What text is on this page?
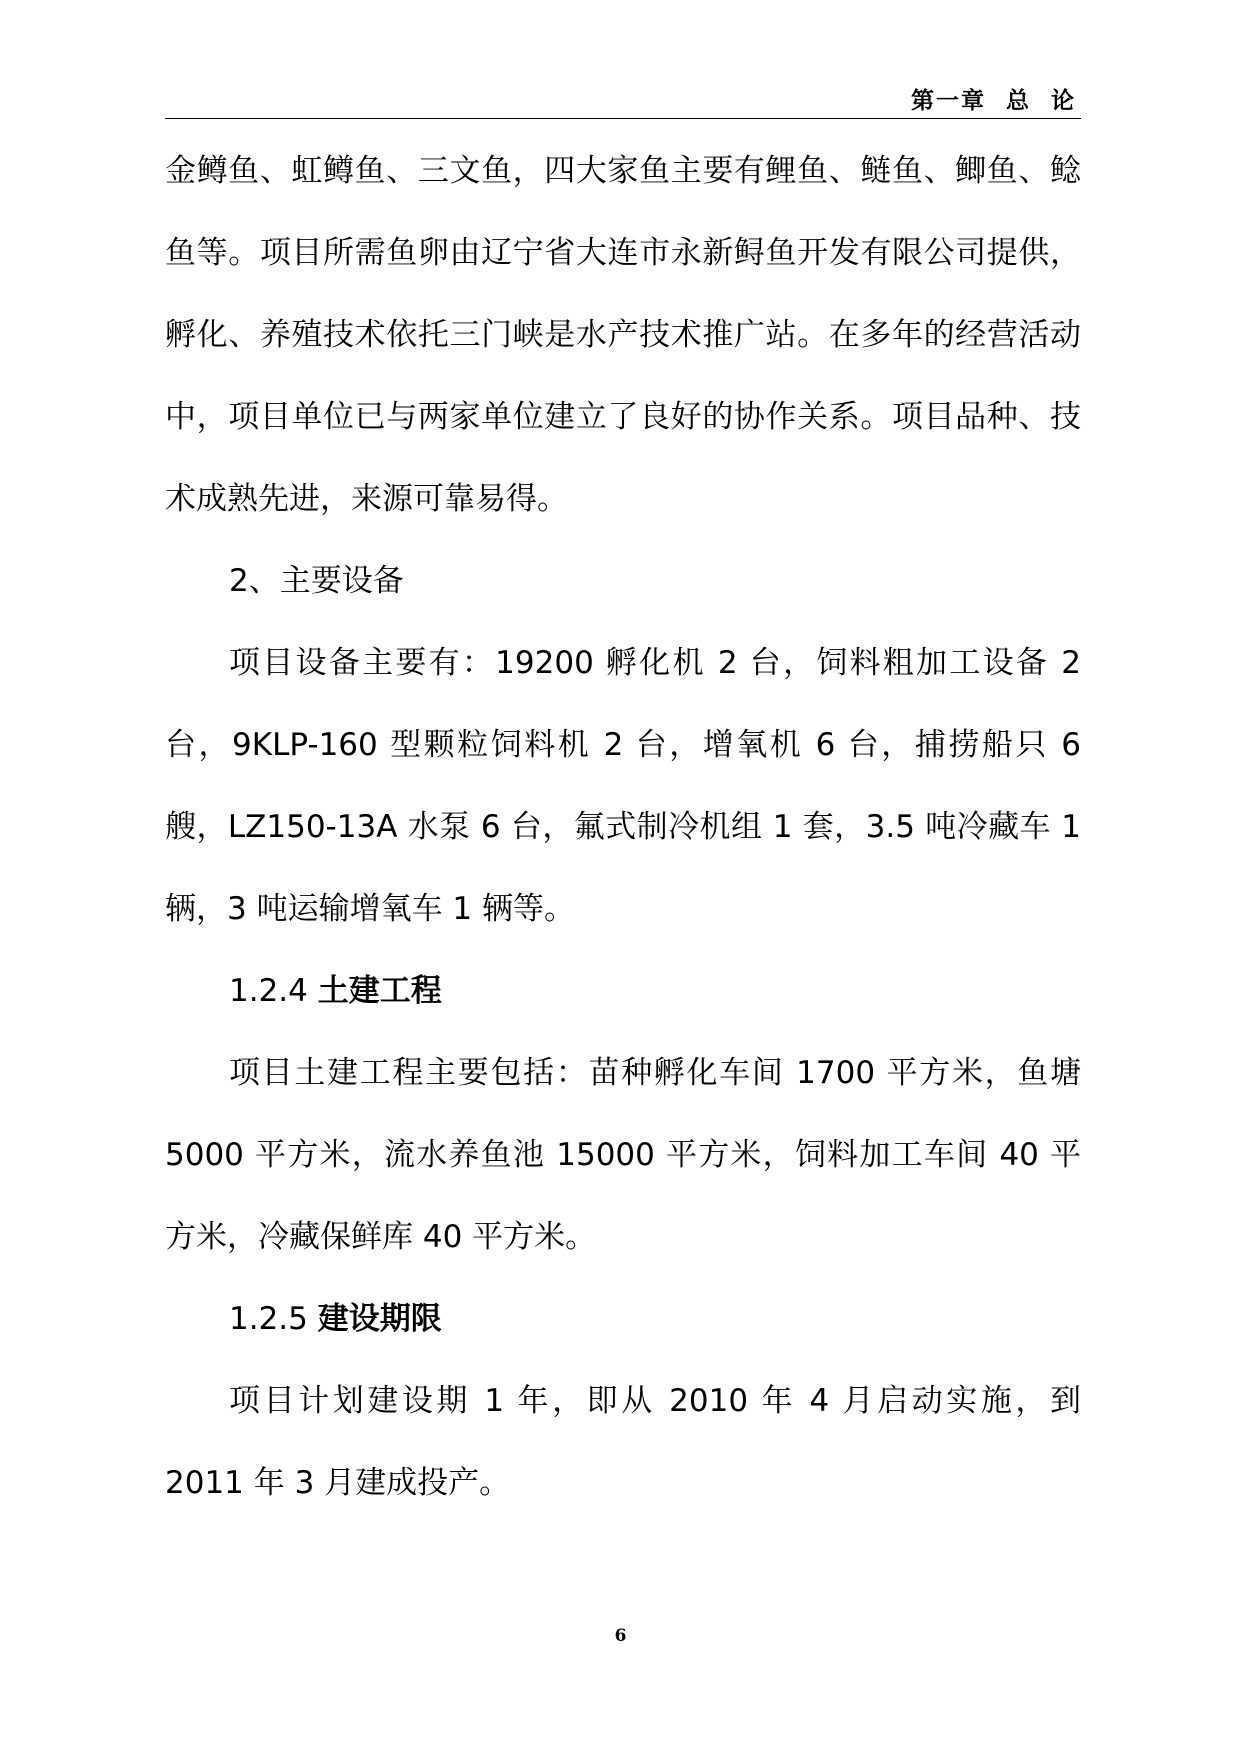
第一章  总  论

金鳟鱼、虹鳟鱼、三文鱼，四大家鱼主要有鲤鱼、鲢鱼、鲫鱼、鲶鱼等。项目所需鱼卵由辽宁省大连市永新鲟鱼开发有限公司提供，孵化、养殖技术依托三门峡是水产技术推广站。在多年的经营活动中，项目单位已与两家单位建立了良好的协作关系。项目品种、技术成熟先进，来源可靠易得。

2、主要设备

项目设备主要有：19200 孵化机 2 台，饲料粗加工设备 2 台，9KLP-160 型颗粒饲料机 2 台，增氧机 6 台，捕捞船只 6 艘，LZ150-13A 水泵 6 台，氟式制冷机组 1 套，3.5 吨冷藏车 1 辆，3 吨运输增氧车 1 辆等。

1.2.4 土建工程

项目土建工程主要包括：苗种孵化车间 1700 平方米，鱼塘 5000 平方米，流水养鱼池 15000 平方米，饲料加工车间 40 平方米，冷藏保鲜库 40 平方米。

1.2.5 建设期限

项目计划建设期 1 年，即从 2010 年 4 月启动实施，到 2011 年 3 月建成投产。

6
